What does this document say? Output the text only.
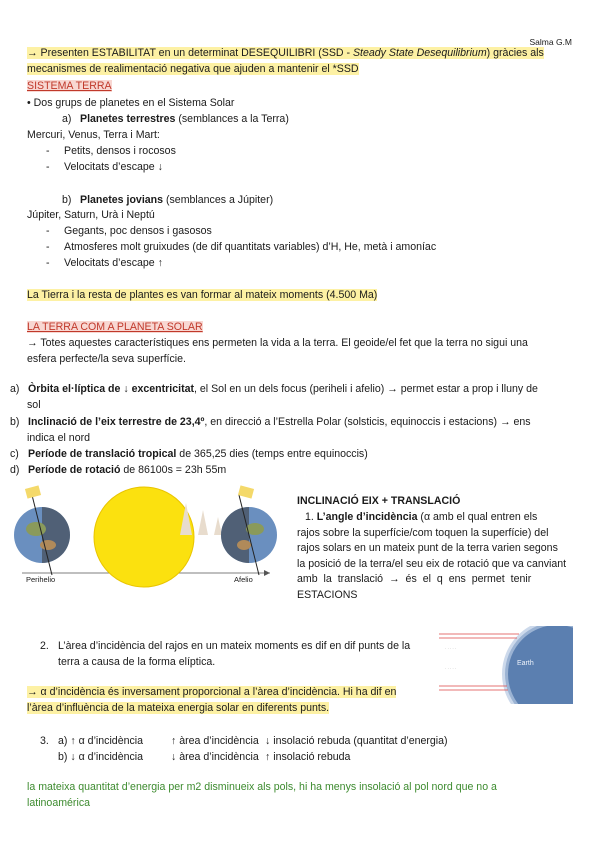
Salma G.M
→ Presenten ESTABILITAT en un determinat DESEQUILIBRI (SSD - Steady State Desequilibrium) gràcies als
mecanismes de realimentació negativa que ajuden a mantenir el *SSD
SISTEMA TERRA
• Dos grups de planetes en el Sistema Solar
a) Planetes terrestres (semblances a la Terra)
Mercuri, Venus, Terra i Mart:
- Petits, densos i rocosos
- Velocitats d’escape ↓
b) Planetes jovians (semblances a Júpiter)
Júpiter, Saturn, Urà i Neptú
- Gegants, poc densos i gasosos
- Atmosferes molt gruixudes (de dif quantitats variables) d’H, He, metà i amoníac
- Velocitats d’escape ↑
La Tierra i la resta de plantes es van formar al mateix moments (4.500 Ma)
LA TERRA COM A PLANETA SOLAR
→ Totes aquestes característiques ens permeten la vida a la terra. El geoide/el fet que la terra no sigui una
esfera perfecte/la seva superfície.
a) Òrbita el·líptica de ↓ excentricitat, el Sol en un dels focus (periheli i afelio) → permet estar a prop i lluny de
sol
b) Inclinació de l’eix terrestre de 23,4º, en direcció a l’Estrella Polar (solsticis, equinoccis i estacions) → ens
indica el nord
c) Període de translació tropical de 365,25 dies (temps entre equinoccis)
d) Període de rotació de 86100s = 23h 55m
Perihelio	Afelio
INCLINACIÓ EIX + TRANSLACIÓ
1. L’angle d’incidència (α amb el qual entren els
rajos sobre la superfície/com toquen la superfície) del
rajos solars en un mateix punt de la terra varien segons
la posició de la terra/el seu eix de rotació que va canviant
amb la translació → és el q ens permet tenir
ESTACIONS
2. L’àrea d’incidència del rajos en un mateix moments es dif en dif punts de la
terra a causa de la forma elíptica.
· · · · ·
· · · · ·
Earth
→ α d’incidència és inversament proporcional a l’àrea d’incidència. Hi ha dif en
l’àrea d’influència de la mateixa energia solar en diferents punts.
3. a) ↑ α d’incidència	↑ àrea d’incidència ↓ insolació rebuda (quantitat d’energia)
b) ↓ α d’incidència	↓ àrea d’incidència ↑ insolació rebuda
la mateixa quantitat d’energia per m2 disminueix als pols, hi ha menys insolació al pol nord que no a
latinoamérica
